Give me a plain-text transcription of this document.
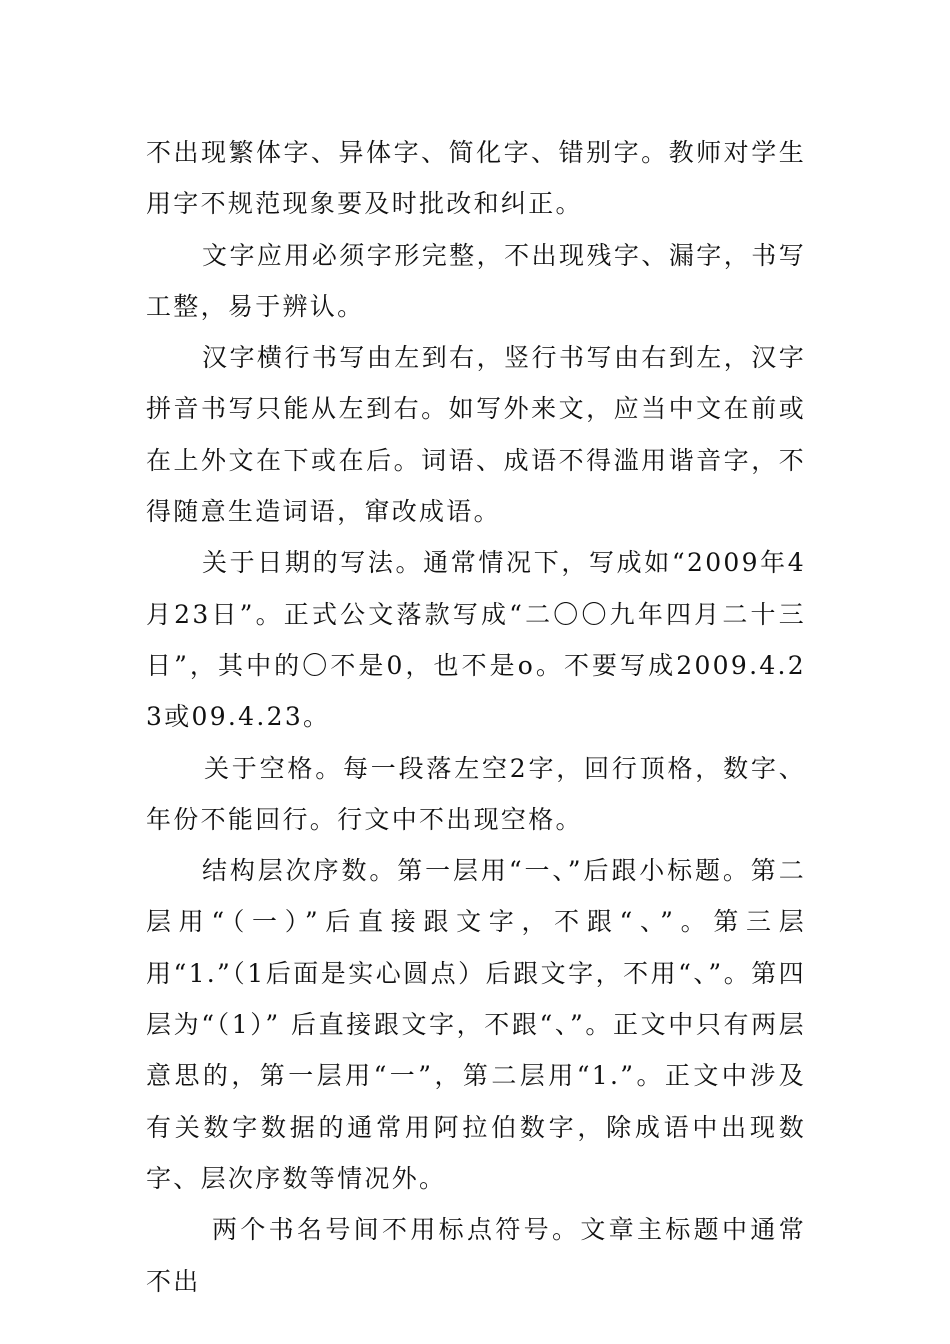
不出现繁体字、异体字、简化字、错别字。教师对学生用字不规范现象要及时批改和纠正。

文字应用必须字形完整，不出现残字、漏字，书写工整，易于辨认。

汉字横行书写由左到右，竖行书写由右到左，汉字拼音书写只能从左到右。如写外来文，应当中文在前或在上外文在下或在后。词语、成语不得滥用谐音字，不得随意生造词语，窜改成语。

关于日期的写法。通常情况下，写成如“2009年4月23日”。正式公文落款写成“二〇〇九年四月二十三日”，其中的〇不是0，也不是o。不要写成2009.4.23或09.4.23。

关于空格。每一段落左空2字，回行顶格，数字、年份不能回行。行文中不出现空格。

结构层次序数。第一层用“一、”后跟小标题。第二层用“（一）”后直接跟文字，不跟“、”。第三层用“1.”（1后面是实心圆点）后跟文字，不用“、”。第四层为“（1）” 后直接跟文字，不跟“、”。正文中只有两层意思的，第一层用“一”，第二层用“1.”。正文中涉及有关数字数据的通常用阿拉伯数字，除成语中出现数字、层次序数等情况外。

两个书名号间不用标点符号。文章主标题中通常不出
